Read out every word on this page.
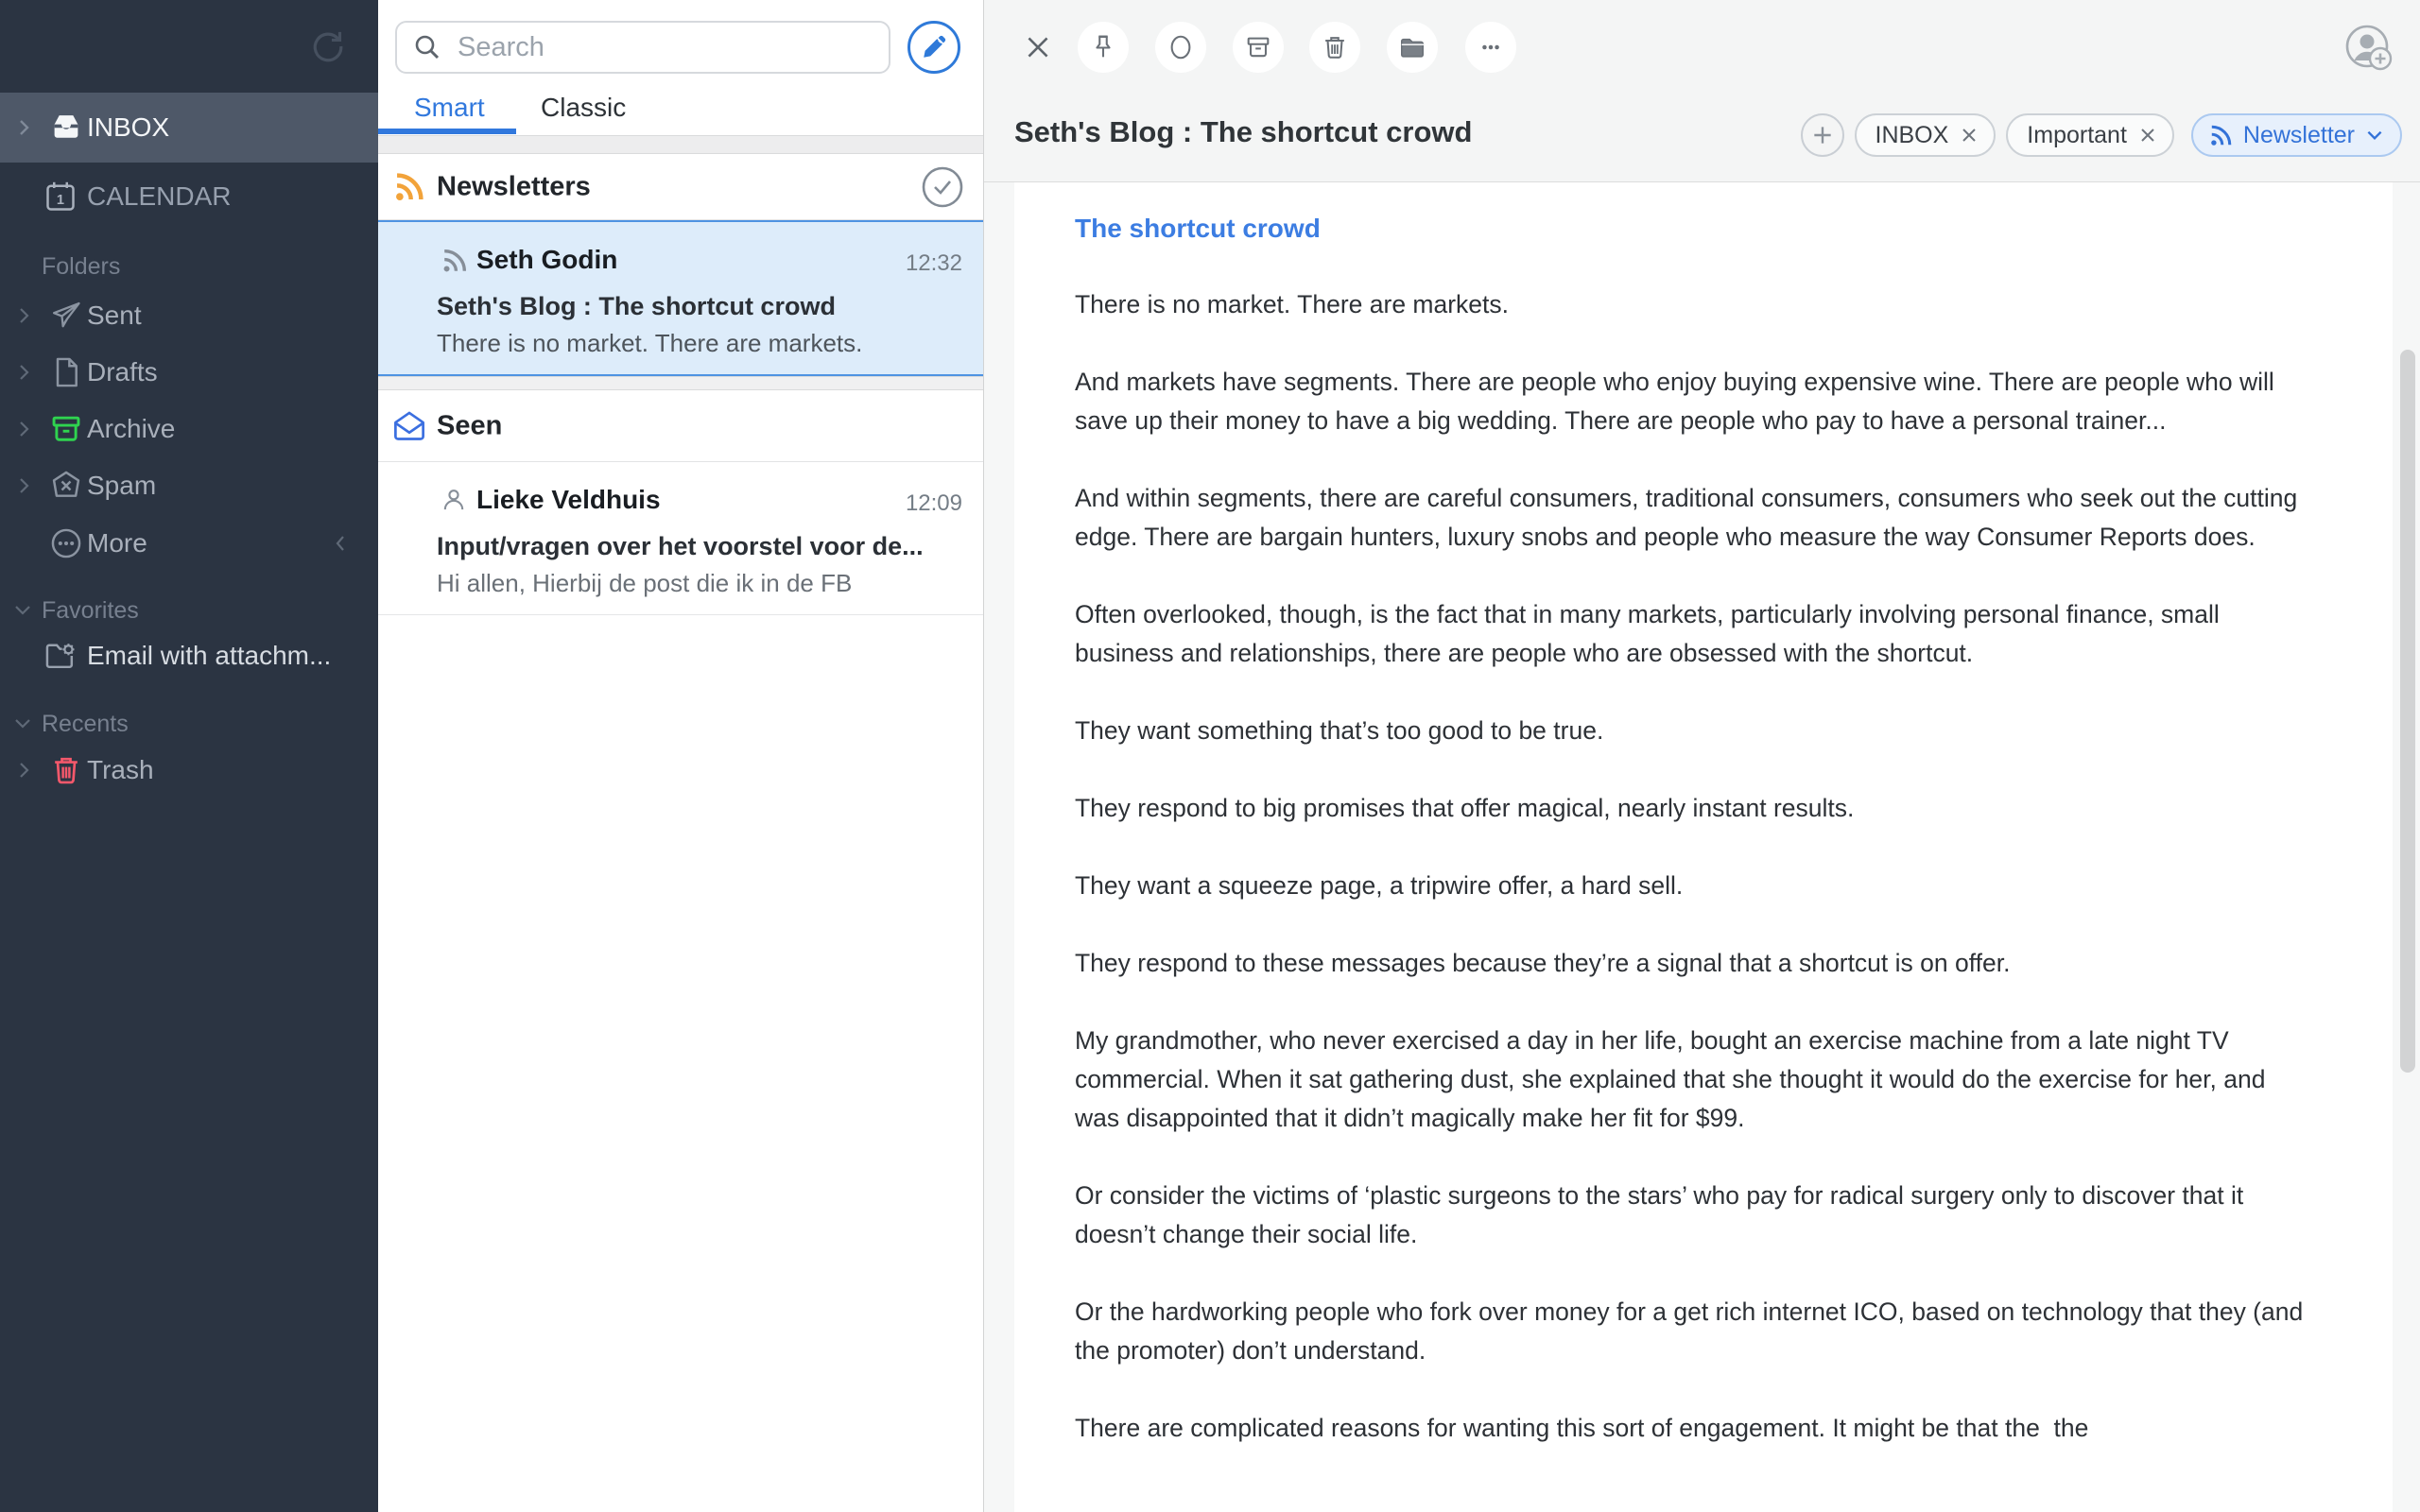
INBOX
1 CALENDAR
Folders
Sent
Drafts
Archive
Spam
More
Favorites
Email with attachm...
Recents
Trash
Search
Smart Classic
Newsletters
Seth Godin	12:32
Seth's Blog : The shortcut crowd
There is no market. There are markets.
Seen
Lieke Veldhuis	12:09
Input/vragen over het voorstel voor de...
Hi allen, Hierbij de post die ik in de FB
Seth's Blog : The shortcut crowd	INBOX	Important	Newsletter

The shortcut crowd

There is no market. There are markets.

And markets have segments. There are people who enjoy buying expensive wine. There are people who will save up their money to have a big wedding. There are people who pay to have a personal trainer...

And within segments, there are careful consumers, traditional consumers, consumers who seek out the cutting edge. There are bargain hunters, luxury snobs and people who measure the way Consumer Reports does.

Often overlooked, though, is the fact that in many markets, particularly involving personal finance, small business and relationships, there are people who are obsessed with the shortcut.

They want something that’s too good to be true.

They respond to big promises that offer magical, nearly instant results.

They want a squeeze page, a tripwire offer, a hard sell.

They respond to these messages because they’re a signal that a shortcut is on offer.

My grandmother, who never exercised a day in her life, bought an exercise machine from a late night TV commercial. When it sat gathering dust, she explained that she thought it would do the exercise for her, and was disappointed that it didn’t magically make her fit for $99.

Or consider the victims of ‘plastic surgeons to the stars’ who pay for radical surgery only to discover that it doesn’t change their social life.

Or the hardworking people who fork over money for a get rich internet ICO, based on technology that they (and the promoter) don’t understand.

There are complicated reasons for wanting this sort of engagement. It might be that the  the
